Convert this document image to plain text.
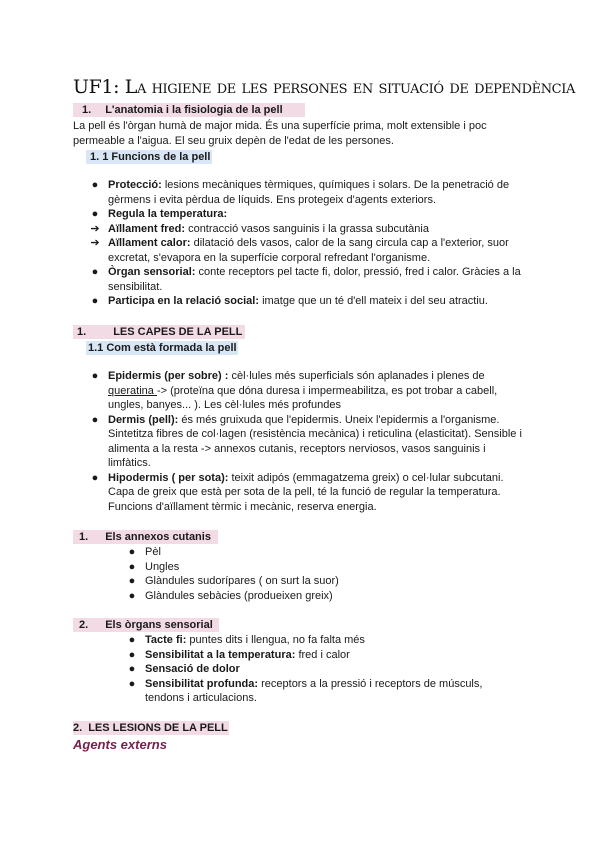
UF1: La higiene de les persones en situació de dependència
1. L'anatomia i la fisiologia de la pell
La pell és l'òrgan humà de major mida. És una superfície prima, molt extensible i poc
permeable a l'aigua. El seu gruix depèn de l'edat de les persones.
1. 1 Funcions de la pell
● Protecció: lesions mecàniques tèrmiques, químiques i solars. De la penetració de
gèrmens i evita pèrdua de líquids. Ens protegeix d'agents exteriors.
● Regula la temperatura:
➔ Aïllament fred: contracció vasos sanguinis i la grassa subcutània
➔ Aïllament calor: dilatació dels vasos, calor de la sang circula cap a l'exterior, suor
excretat, s'evapora en la superfície corporal refredant l'organisme.
● Òrgan sensorial: conte receptors pel tacte fi, dolor, pressió, fred i calor. Gràcies a la
sensibilitat.
● Participa en la relació social: imatge que un té d'ell mateix i del seu atractiu.
1. LES CAPES DE LA PELL
1.1 Com està formada la pell
● Epidermis (per sobre) : cèl·lules més superficials són aplanades i plenes de
queratina -> (proteïna que dóna duresa i impermeabilitza, es pot trobar a cabell,
ungles, banyes... ). Les cèl·lules més profundes
● Dermis (pell): és més gruixuda que l'epidermis. Uneix l'epidermis a l'organisme.
Sintetitza fibres de col·lagen (resistència mecànica) i reticulina (elasticitat). Sensible i
alimenta a la resta -> annexos cutanis, receptors nerviosos, vasos sanguinis i
limfàtics.
● Hipodermis ( per sota): teixit adipós (emmagatzema greix) o cel·lular subcutani.
Capa de greix que està per sota de la pell, té la funció de regular la temperatura.
Funcions d'aïllament tèrmic i mecànic, reserva energia.
1. Els annexos cutanis
● Pèl
● Ungles
● Glàndules sudorípares ( on surt la suor)
● Glàndules sebàcies (produeixen greix)
2. Els òrgans sensorial
● Tacte fi: puntes dits i llengua, no fa falta més
● Sensibilitat a la temperatura: fred i calor
● Sensació de dolor
● Sensibilitat profunda: receptors a la pressió i receptors de músculs,
tendons i articulacions.
2. LES LESIONS DE LA PELL
Agents externs
